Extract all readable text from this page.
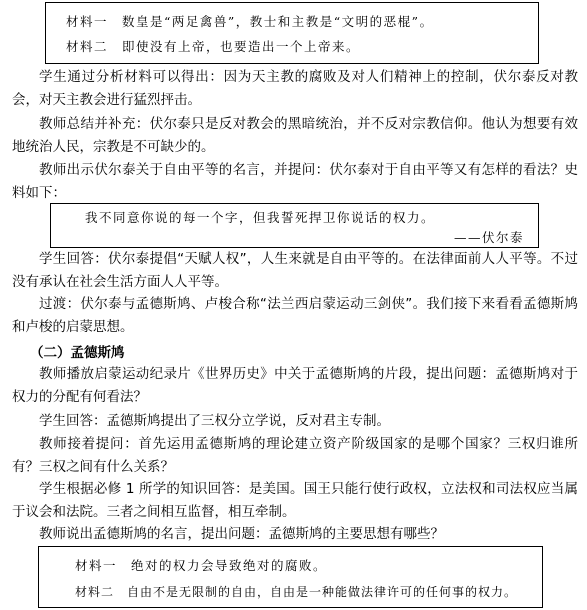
材料一　数皇是“两足禽兽”，教士和主教是“文明的恶棍”。
材料二　即使没有上帝，也要造出一个上帝来。
学生通过分析材料可以得出：因为天主教的腐败及对人们精神上的控制，伏尔泰反对教会，对天主教会进行猛烈抨击。
教师总结并补充：伏尔泰只是反对教会的黑暗统治，并不反对宗教信仰。他认为想要有效地统治人民，宗教是不可缺少的。
教师出示伏尔泰关于自由平等的名言，并提问：伏尔泰对于自由平等又有怎样的看法？史料如下：
我不同意你说的每一个字，但我誓死捍卫你说话的权力。
——伏尔泰
学生回答：伏尔泰提倡“天赋人权”，人生来就是自由平等的。在法律面前人人平等。不过没有承认在社会生活方面人人平等。
过渡：伏尔泰与孟德斯鸠、卢梭合称“法兰西启蒙运动三剑侠”。我们接下来看看孟德斯鸠和卢梭的启蒙思想。
（二）孟德斯鸠
教师播放启蒙运动纪录片《世界历史》中关于孟德斯鸠的片段，提出问题：孟德斯鸠对于权力的分配有何看法？
学生回答：孟德斯鸠提出了三权分立学说，反对君主专制。
教师接着提问：首先运用孟德斯鸠的理论建立资产阶级国家的是哪个国家？三权归谁所有？三权之间有什么关系？
学生根据必修 1 所学的知识回答：是美国。国王只能行使行政权，立法权和司法权应当属于议会和法院。三者之间相互监督，相互牵制。
教师说出孟德斯鸠的名言，提出问题：孟德斯鸠的主要思想有哪些？
材料一　绝对的权力会导致绝对的腐败。
材料二　自由不是无限制的自由，自由是一种能做法律许可的任何事的权力。
